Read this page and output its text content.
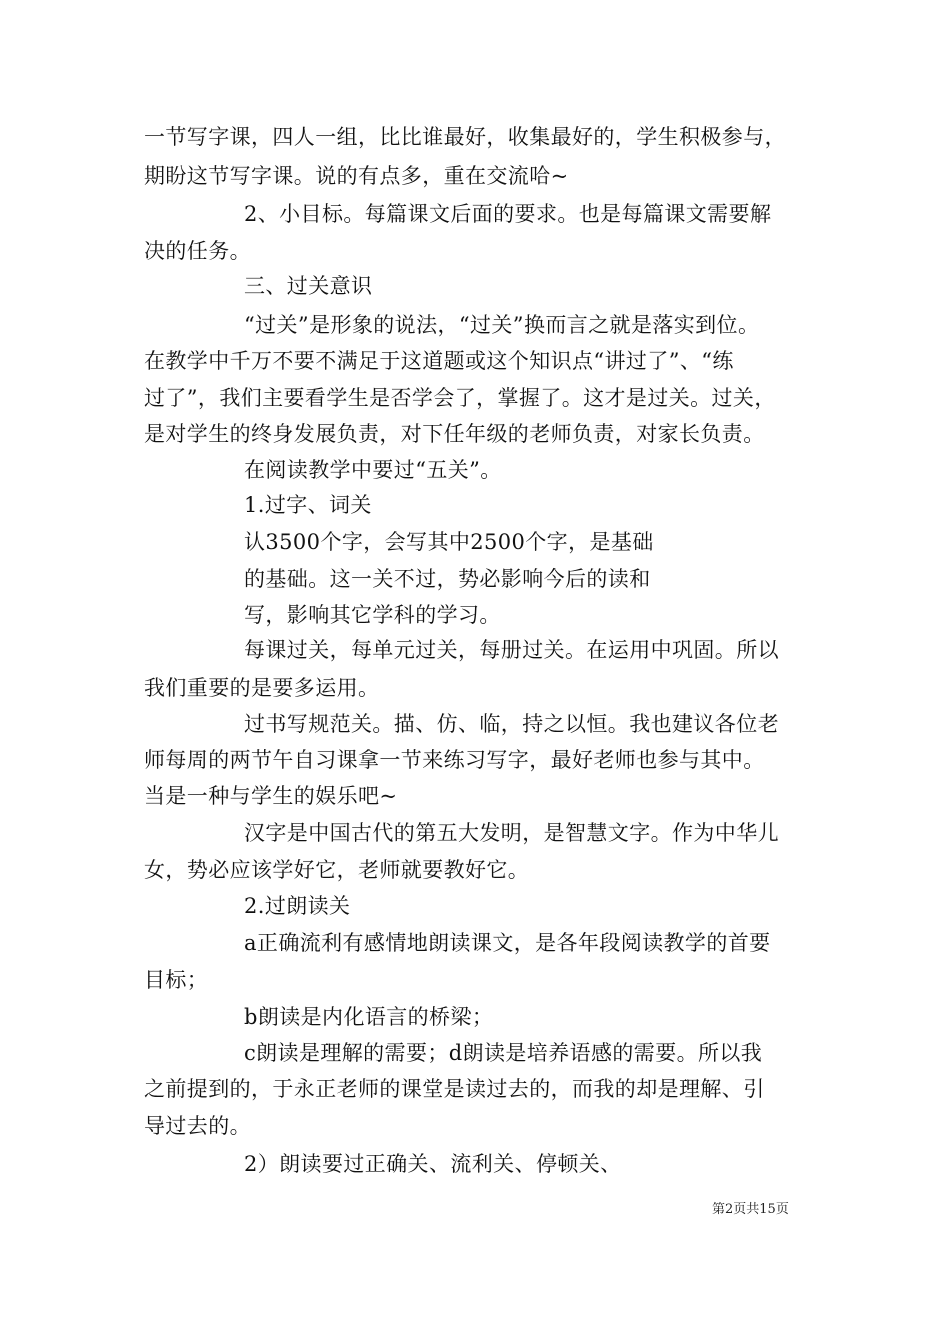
一节写字课，四人一组，比比谁最好，收集最好的，学生积极参与，
期盼这节写字课。说的有点多，重在交流哈~
2、小目标。每篇课文后面的要求。也是每篇课文需要解
决的任务。
三、过关意识
“过关”是形象的说法，“过关”换而言之就是落实到位。
在教学中千万不要不满足于这道题或这个知识点“讲过了”、“练
过了”，我们主要看学生是否学会了，掌握了。这才是过关。过关，
是对学生的终身发展负责，对下任年级的老师负责，对家长负责。
在阅读教学中要过“五关”。
1.过字、词关
认3500个字，会写其中2500个字，是基础
的基础。这一关不过，势必影响今后的读和
写，影响其它学科的学习。
每课过关，每单元过关，每册过关。在运用中巩固。所以
我们重要的是要多运用。
过书写规范关。描、仿、临，持之以恒。我也建议各位老
师每周的两节午自习课拿一节来练习写字，最好老师也参与其中。
当是一种与学生的娱乐吧~
汉字是中国古代的第五大发明，是智慧文字。作为中华儿
女，势必应该学好它，老师就要教好它。
2.过朗读关
a正确流利有感情地朗读课文，是各年段阅读教学的首要
目标；
b朗读是内化语言的桥梁；
c朗读是理解的需要；d朗读是培养语感的需要。所以我
之前提到的，于永正老师的课堂是读过去的，而我的却是理解、引
导过去的。
2）朗读要过正确关、流利关、停顿关、
第2页共15页
